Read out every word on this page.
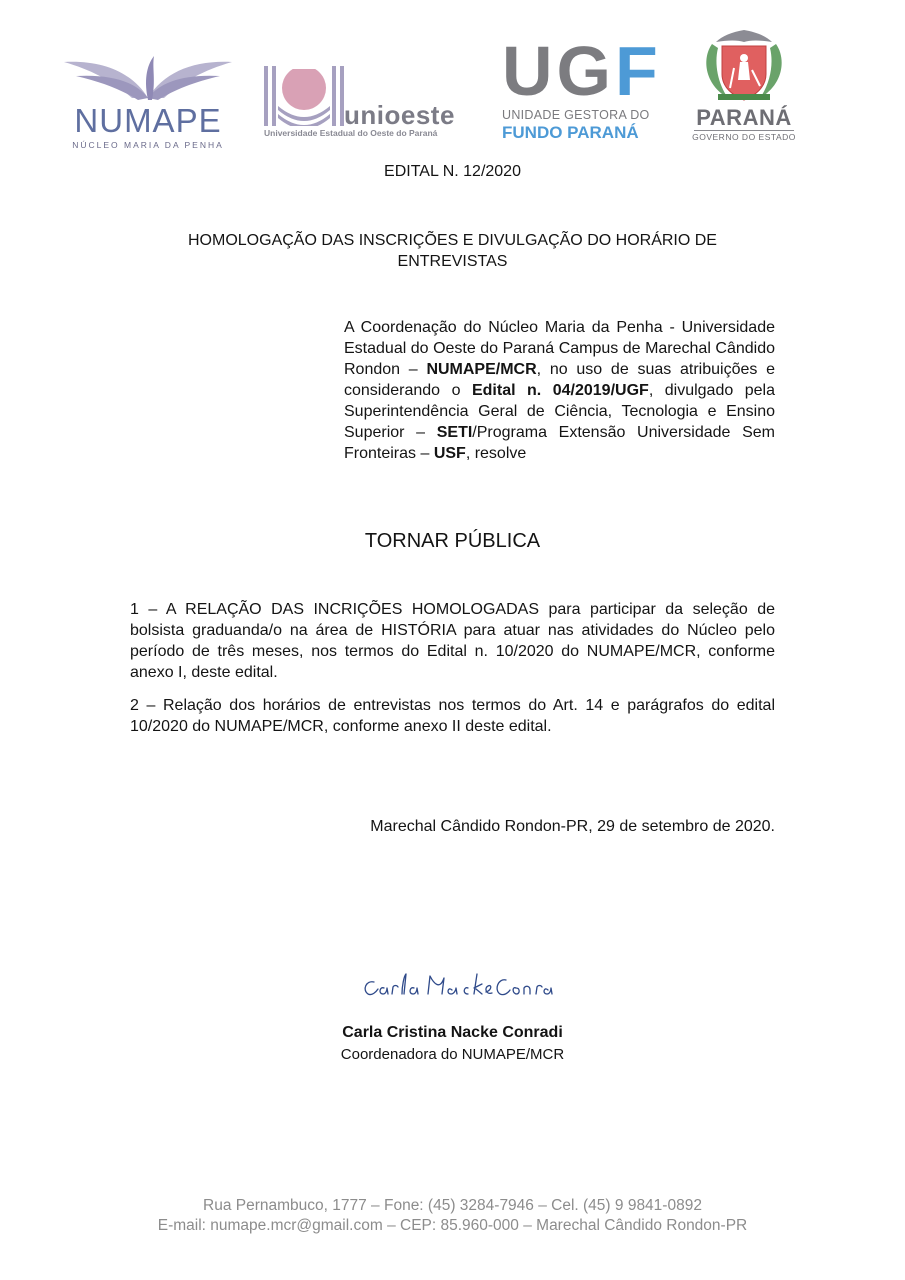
NUMAPE
NÚCLEO MARIA DA PENHA
unioeste
Universidade Estadual do Oeste do Paraná
UGF
UNIDADE GESTORA DO
FUNDO PARANÁ
PARANÁ
GOVERNO DO ESTADO
EDITAL N. 12/2020
HOMOLOGAÇÃO DAS INSCRIÇÕES E DIVULGAÇÃO DO HORÁRIO DE
ENTREVISTAS
A Coordenação do Núcleo Maria da Penha - Universidade Estadual do Oeste do Paraná Campus de Marechal Cândido Rondon – NUMAPE/MCR, no uso de suas atribuições e considerando o Edital n. 04/2019/UGF, divulgado pela Superintendência Geral de Ciência, Tecnologia e Ensino Superior – SETI/Programa Extensão Universidade Sem Fronteiras – USF, resolve
TORNAR PÚBLICA
1 – A RELAÇÃO DAS INCRIÇÕES HOMOLOGADAS para participar da seleção de bolsista graduanda/o na área de HISTÓRIA para atuar nas atividades do Núcleo pelo período de três meses, nos termos do Edital n. 10/2020 do NUMAPE/MCR, conforme anexo I, deste edital.
2 – Relação dos horários de entrevistas nos termos do Art. 14 e parágrafos do edital 10/2020 do NUMAPE/MCR, conforme anexo II deste edital.
Marechal Cândido Rondon-PR, 29 de setembro de 2020.
Carla Cristina Nacke Conradi
Coordenadora do NUMAPE/MCR
Rua Pernambuco, 1777 – Fone: (45) 3284-7946 – Cel. (45) 9 9841-0892
E-mail: numape.mcr@gmail.com – CEP: 85.960-000 – Marechal Cândido Rondon-PR
